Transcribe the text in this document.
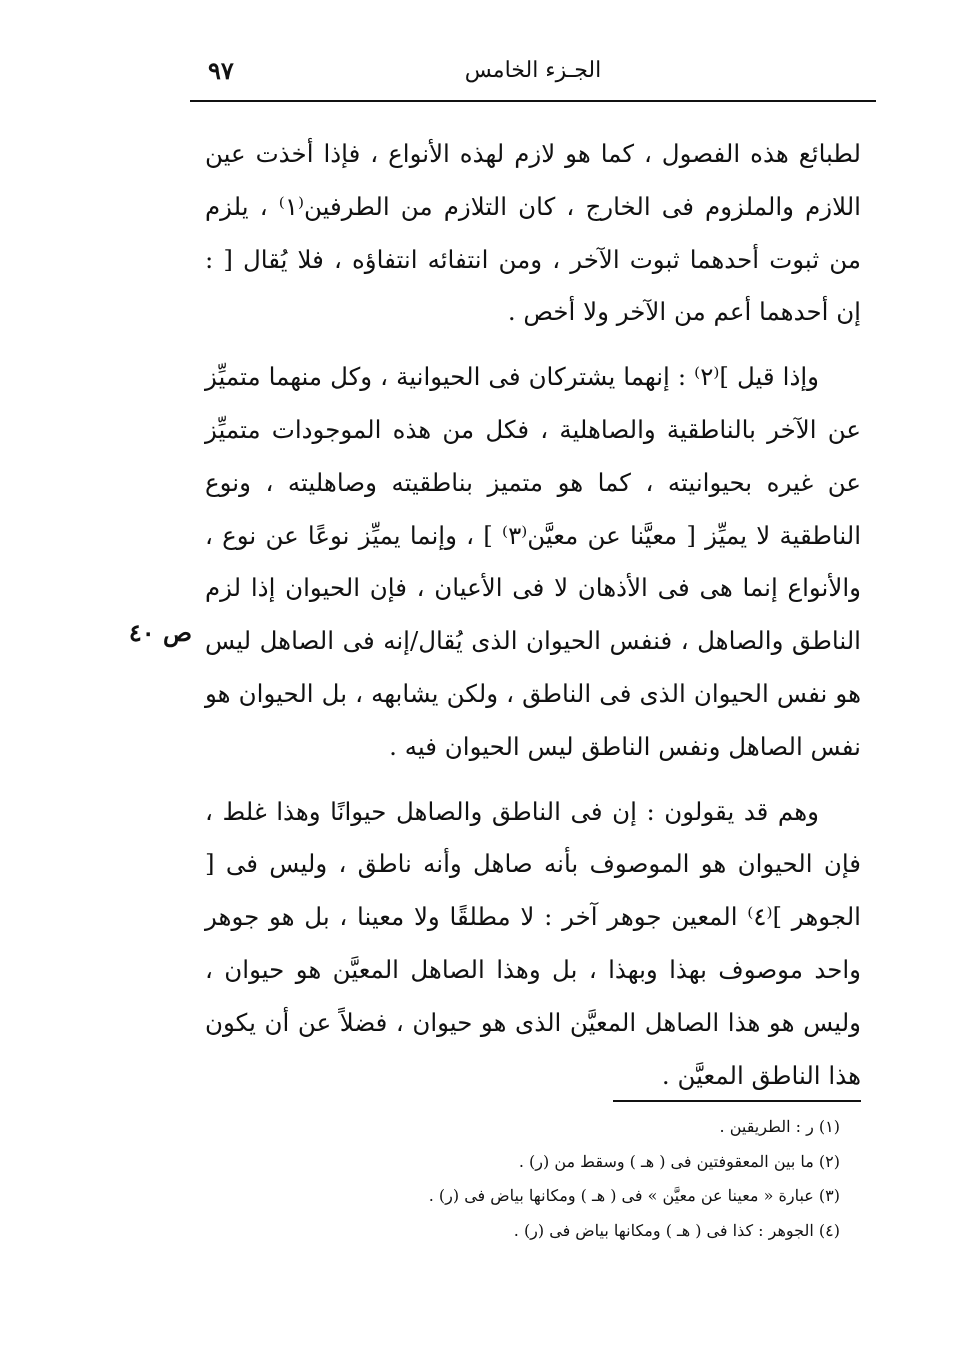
الجـزء الخامس
٩٧

لطبائع هذه الفصول ، كما هو لازم لهذه الأنواع ، فإذا أخذت عين اللازم والملزوم فى الخارج ، كان التلازم من الطرفين⁽١⁾ ، يلزم من ثبوت أحدهما ثبوت الآخر ، ومن انتفائه انتفاؤه ، فلا يُقال [ : إن أحدهما أعم من الآخر ولا أخص .

وإذا قيل ]⁽٢⁾ : إنهما يشتركان فى الحيوانية ، وكل منهما متميِّز عن الآخر بالناطقية والصاهلية ، فكل من هذه الموجودات متميِّز عن غيره بحيوانيته ، كما هو متميز بناطقيته وصاهليته ، ونوع الناطقية لا يميِّز [ معيَّنا عن معيَّن⁽٣⁾ ] ، وإنما يميِّز نوعًا عن نوع ، والأنواع إنما هى فى الأذهان لا فى الأعيان ، فإن الحيوان إذا لزم الناطق والصاهل ، فنفس الحيوان الذى يُقال/إنه فى الصاهل ليس هو نفس الحيوان الذى فى الناطق ، ولكن يشابهه ، بل الحيوان هو نفس الصاهل ونفس الناطق ليس الحيوان فيه .

وهم قد يقولون : إن فى الناطق والصاهل حيوانًا وهذا غلط ، فإن الحيوان هو الموصوف بأنه صاهل وأنه ناطق ، وليس فى [ الجوهر ]⁽٤⁾ المعين جوهر آخر : لا مطلقًا ولا معينا ، بل هو جوهر واحد موصوف بهذا وبهذا ، بل وهذا الصاهل المعيَّن هو حيوان ، وليس هو هذا الصاهل المعيَّن الذى هو حيوان ، فضلاً عن أن يكون هذا الناطق المعيَّن .

ص ٤٠
(١) ر : الطريقين .
(٢) ما بين المعقوفتين فى ( هـ ) وسقط من (ر) .
(٣) عبارة « معينا عن معيَّن » فى ( هـ ) ومكانها بياض فى (ر) .
(٤) الجوهر : كذا فى ( هـ ) ومكانها بياض فى (ر) .
